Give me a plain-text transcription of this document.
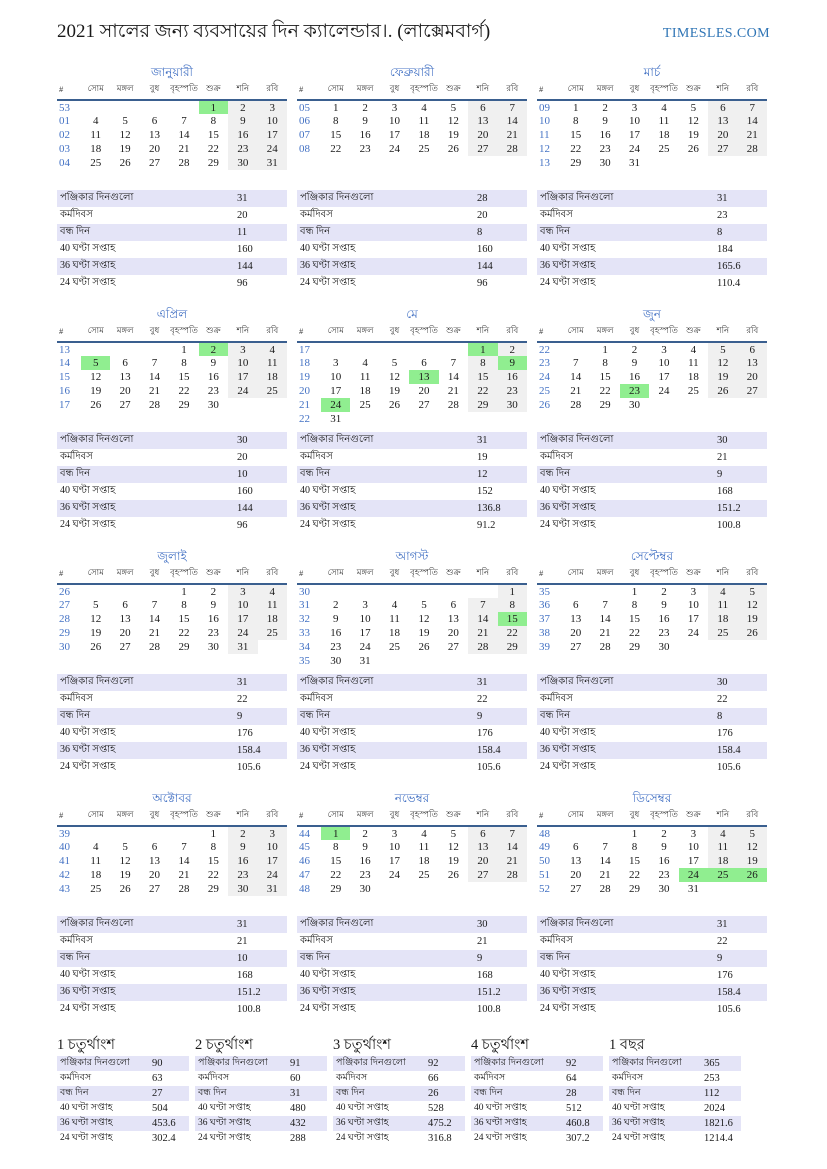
2021 সালের জন্য ব্যবসায়ের দিন ক্যালেন্ডার।. (লাক্সেমবার্গ)	TIMESLES.COM
জানুয়ারী
#	সোম	মঙ্গল	বুধ	বৃহস্পতি	শুক্র	শনি	রবি
53					1	2	3
01	4	5	6	7	8	9	10
02	11	12	13	14	15	16	17
03	18	19	20	21	22	23	24
04	25	26	27	28	29	30	31
পঞ্জিকার দিনগুলো	31
কর্মদিবস	20
বন্ধ দিন	11
40 ঘণ্টা সপ্তাহ	160
36 ঘণ্টা সপ্তাহ	144
24 ঘণ্টা সপ্তাহ	96
ফেব্রুয়ারী
#	সোম	মঙ্গল	বুধ	বৃহস্পতি	শুক্র	শনি	রবি
05	1	2	3	4	5	6	7
06	8	9	10	11	12	13	14
07	15	16	17	18	19	20	21
08	22	23	24	25	26	27	28
পঞ্জিকার দিনগুলো	28
কর্মদিবস	20
বন্ধ দিন	8
40 ঘণ্টা সপ্তাহ	160
36 ঘণ্টা সপ্তাহ	144
24 ঘণ্টা সপ্তাহ	96
মার্চ
#	সোম	মঙ্গল	বুধ	বৃহস্পতি	শুক্র	শনি	রবি
09	1	2	3	4	5	6	7
10	8	9	10	11	12	13	14
11	15	16	17	18	19	20	21
12	22	23	24	25	26	27	28
13	29	30	31				
পঞ্জিকার দিনগুলো	31
কর্মদিবস	23
বন্ধ দিন	8
40 ঘণ্টা সপ্তাহ	184
36 ঘণ্টা সপ্তাহ	165.6
24 ঘণ্টা সপ্তাহ	110.4
এপ্রিল
#	সোম	মঙ্গল	বুধ	বৃহস্পতি	শুক্র	শনি	রবি
13				1	2	3	4
14	5	6	7	8	9	10	11
15	12	13	14	15	16	17	18
16	19	20	21	22	23	24	25
17	26	27	28	29	30		
পঞ্জিকার দিনগুলো	30
কর্মদিবস	20
বন্ধ দিন	10
40 ঘণ্টা সপ্তাহ	160
36 ঘণ্টা সপ্তাহ	144
24 ঘণ্টা সপ্তাহ	96
মে
#	সোম	মঙ্গল	বুধ	বৃহস্পতি	শুক্র	শনি	রবি
17						1	2
18	3	4	5	6	7	8	9
19	10	11	12	13	14	15	16
20	17	18	19	20	21	22	23
21	24	25	26	27	28	29	30
22	31						
পঞ্জিকার দিনগুলো	31
কর্মদিবস	19
বন্ধ দিন	12
40 ঘণ্টা সপ্তাহ	152
36 ঘণ্টা সপ্তাহ	136.8
24 ঘণ্টা সপ্তাহ	91.2
জুন
#	সোম	মঙ্গল	বুধ	বৃহস্পতি	শুক্র	শনি	রবি
22		1	2	3	4	5	6
23	7	8	9	10	11	12	13
24	14	15	16	17	18	19	20
25	21	22	23	24	25	26	27
26	28	29	30				
পঞ্জিকার দিনগুলো	30
কর্মদিবস	21
বন্ধ দিন	9
40 ঘণ্টা সপ্তাহ	168
36 ঘণ্টা সপ্তাহ	151.2
24 ঘণ্টা সপ্তাহ	100.8
জুলাই
#	সোম	মঙ্গল	বুধ	বৃহস্পতি	শুক্র	শনি	রবি
26				1	2	3	4
27	5	6	7	8	9	10	11
28	12	13	14	15	16	17	18
29	19	20	21	22	23	24	25
30	26	27	28	29	30	31	
পঞ্জিকার দিনগুলো	31
কর্মদিবস	22
বন্ধ দিন	9
40 ঘণ্টা সপ্তাহ	176
36 ঘণ্টা সপ্তাহ	158.4
24 ঘণ্টা সপ্তাহ	105.6
আগস্ট
#	সোম	মঙ্গল	বুধ	বৃহস্পতি	শুক্র	শনি	রবি
30							1
31	2	3	4	5	6	7	8
32	9	10	11	12	13	14	15
33	16	17	18	19	20	21	22
34	23	24	25	26	27	28	29
35	30	31					
পঞ্জিকার দিনগুলো	31
কর্মদিবস	22
বন্ধ দিন	9
40 ঘণ্টা সপ্তাহ	176
36 ঘণ্টা সপ্তাহ	158.4
24 ঘণ্টা সপ্তাহ	105.6
সেপ্টেম্বর
#	সোম	মঙ্গল	বুধ	বৃহস্পতি	শুক্র	শনি	রবি
35			1	2	3	4	5
36	6	7	8	9	10	11	12
37	13	14	15	16	17	18	19
38	20	21	22	23	24	25	26
39	27	28	29	30			
পঞ্জিকার দিনগুলো	30
কর্মদিবস	22
বন্ধ দিন	8
40 ঘণ্টা সপ্তাহ	176
36 ঘণ্টা সপ্তাহ	158.4
24 ঘণ্টা সপ্তাহ	105.6
অক্টোবর
#	সোম	মঙ্গল	বুধ	বৃহস্পতি	শুক্র	শনি	রবি
39					1	2	3
40	4	5	6	7	8	9	10
41	11	12	13	14	15	16	17
42	18	19	20	21	22	23	24
43	25	26	27	28	29	30	31
পঞ্জিকার দিনগুলো	31
কর্মদিবস	21
বন্ধ দিন	10
40 ঘণ্টা সপ্তাহ	168
36 ঘণ্টা সপ্তাহ	151.2
24 ঘণ্টা সপ্তাহ	100.8
নভেম্বর
#	সোম	মঙ্গল	বুধ	বৃহস্পতি	শুক্র	শনি	রবি
44	1	2	3	4	5	6	7
45	8	9	10	11	12	13	14
46	15	16	17	18	19	20	21
47	22	23	24	25	26	27	28
48	29	30					
পঞ্জিকার দিনগুলো	30
কর্মদিবস	21
বন্ধ দিন	9
40 ঘণ্টা সপ্তাহ	168
36 ঘণ্টা সপ্তাহ	151.2
24 ঘণ্টা সপ্তাহ	100.8
ডিসেম্বর
#	সোম	মঙ্গল	বুধ	বৃহস্পতি	শুক্র	শনি	রবি
48			1	2	3	4	5
49	6	7	8	9	10	11	12
50	13	14	15	16	17	18	19
51	20	21	22	23	24	25	26
52	27	28	29	30	31		
পঞ্জিকার দিনগুলো	31
কর্মদিবস	22
বন্ধ দিন	9
40 ঘণ্টা সপ্তাহ	176
36 ঘণ্টা সপ্তাহ	158.4
24 ঘণ্টা সপ্তাহ	105.6
1 চতুর্থাংশ
পঞ্জিকার দিনগুলো	90
কর্মদিবস	63
বন্ধ দিন	27
40 ঘণ্টা সপ্তাহ	504
36 ঘণ্টা সপ্তাহ	453.6
24 ঘণ্টা সপ্তাহ	302.4
2 চতুর্থাংশ
পঞ্জিকার দিনগুলো	91
কর্মদিবস	60
বন্ধ দিন	31
40 ঘণ্টা সপ্তাহ	480
36 ঘণ্টা সপ্তাহ	432
24 ঘণ্টা সপ্তাহ	288
3 চতুর্থাংশ
পঞ্জিকার দিনগুলো	92
কর্মদিবস	66
বন্ধ দিন	26
40 ঘণ্টা সপ্তাহ	528
36 ঘণ্টা সপ্তাহ	475.2
24 ঘণ্টা সপ্তাহ	316.8
4 চতুর্থাংশ
পঞ্জিকার দিনগুলো	92
কর্মদিবস	64
বন্ধ দিন	28
40 ঘণ্টা সপ্তাহ	512
36 ঘণ্টা সপ্তাহ	460.8
24 ঘণ্টা সপ্তাহ	307.2
1 বছর
পঞ্জিকার দিনগুলো	365
কর্মদিবস	253
বন্ধ দিন	112
40 ঘণ্টা সপ্তাহ	2024
36 ঘণ্টা সপ্তাহ	1821.6
24 ঘণ্টা সপ্তাহ	1214.4
